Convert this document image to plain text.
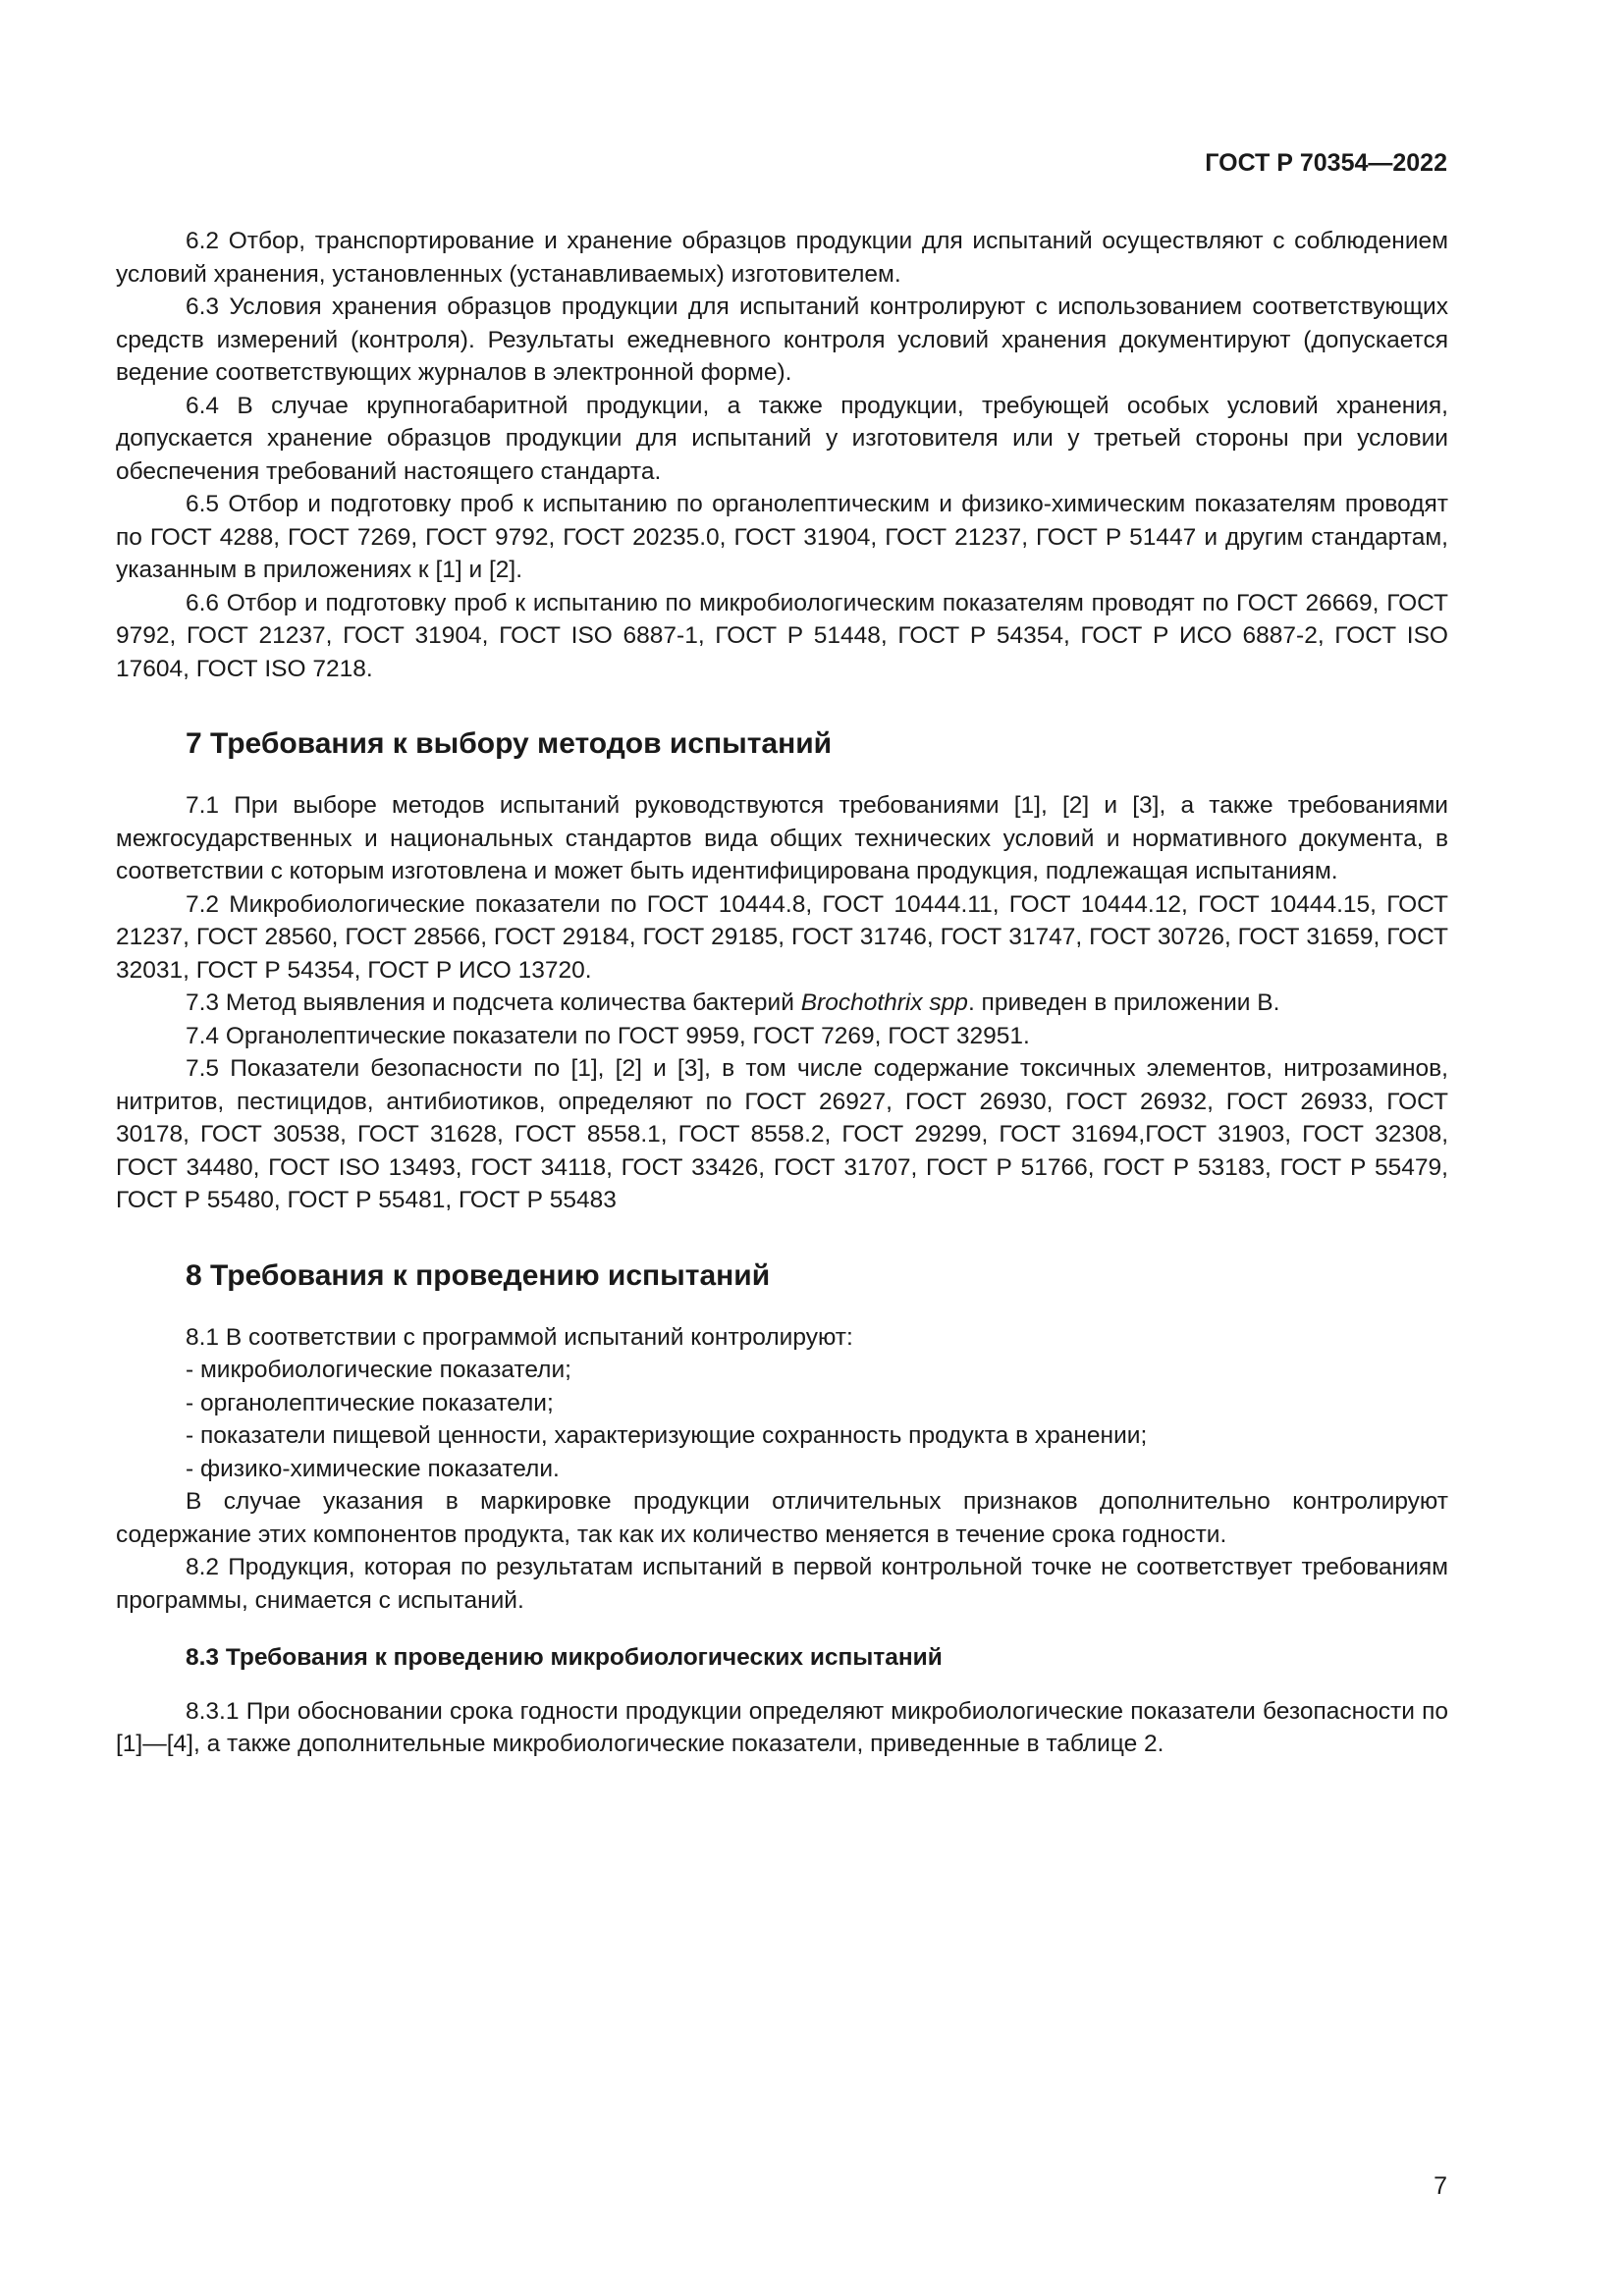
ГОСТ Р 70354—2022

6.2 Отбор, транспортирование и хранение образцов продукции для испытаний осуществляют с соблюдением условий хранения, установленных (устанавливаемых) изготовителем.

6.3 Условия хранения образцов продукции для испытаний контролируют с использованием соответствующих средств измерений (контроля). Результаты ежедневного контроля условий хранения документируют (допускается ведение соответствующих журналов в электронной форме).

6.4 В случае крупногабаритной продукции, а также продукции, требующей особых условий хранения, допускается хранение образцов продукции для испытаний у изготовителя или у третьей стороны при условии обеспечения требований настоящего стандарта.

6.5 Отбор и подготовку проб к испытанию по органолептическим и физико-химическим показателям проводят по ГОСТ 4288, ГОСТ 7269, ГОСТ 9792, ГОСТ 20235.0, ГОСТ 31904, ГОСТ 21237, ГОСТ Р 51447 и другим стандартам, указанным в приложениях к [1] и [2].

6.6 Отбор и подготовку проб к испытанию по микробиологическим показателям проводят по ГОСТ 26669, ГОСТ 9792, ГОСТ 21237, ГОСТ 31904, ГОСТ ISO 6887-1, ГОСТ Р 51448, ГОСТ Р 54354, ГОСТ Р ИСО 6887-2, ГОСТ ISO 17604, ГОСТ ISO 7218.

7 Требования к выбору методов испытаний

7.1 При выборе методов испытаний руководствуются требованиями [1], [2] и [3], а также требованиями межгосударственных и национальных стандартов вида общих технических условий и нормативного документа, в соответствии с которым изготовлена и может быть идентифицирована продукция, подлежащая испытаниям.

7.2 Микробиологические показатели по ГОСТ 10444.8, ГОСТ 10444.11, ГОСТ 10444.12, ГОСТ 10444.15, ГОСТ 21237, ГОСТ 28560, ГОСТ 28566, ГОСТ 29184, ГОСТ 29185, ГОСТ 31746, ГОСТ 31747, ГОСТ 30726, ГОСТ 31659, ГОСТ 32031, ГОСТ Р 54354, ГОСТ Р ИСО 13720.

7.3 Метод выявления и подсчета количества бактерий Brochothrix spp. приведен в приложении В.

7.4 Органолептические показатели по ГОСТ 9959, ГОСТ 7269, ГОСТ 32951.

7.5 Показатели безопасности по [1], [2] и [3], в том числе содержание токсичных элементов, нитрозаминов, нитритов, пестицидов, антибиотиков, определяют по ГОСТ 26927, ГОСТ 26930, ГОСТ 26932, ГОСТ 26933, ГОСТ 30178, ГОСТ 30538, ГОСТ 31628, ГОСТ 8558.1, ГОСТ 8558.2, ГОСТ 29299, ГОСТ 31694,ГОСТ 31903, ГОСТ 32308, ГОСТ 34480, ГОСТ ISO 13493, ГОСТ 34118, ГОСТ 33426, ГОСТ 31707, ГОСТ Р 51766, ГОСТ Р 53183, ГОСТ Р 55479, ГОСТ Р 55480, ГОСТ Р 55481, ГОСТ Р 55483

8 Требования к проведению испытаний

8.1 В соответствии с программой испытаний контролируют:

- микробиологические показатели;

- органолептические показатели;

- показатели пищевой ценности, характеризующие сохранность продукта в хранении;

- физико-химические показатели.

В случае указания в маркировке продукции отличительных признаков дополнительно контролируют содержание этих компонентов продукта, так как их количество меняется в течение срока годности.

8.2 Продукция, которая по результатам испытаний в первой контрольной точке не соответствует требованиям программы, снимается с испытаний.

8.3 Требования к проведению микробиологических испытаний

8.3.1 При обосновании срока годности продукции определяют микробиологические показатели безопасности по [1]—[4], а также дополнительные микробиологические показатели, приведенные в таблице 2.

7
